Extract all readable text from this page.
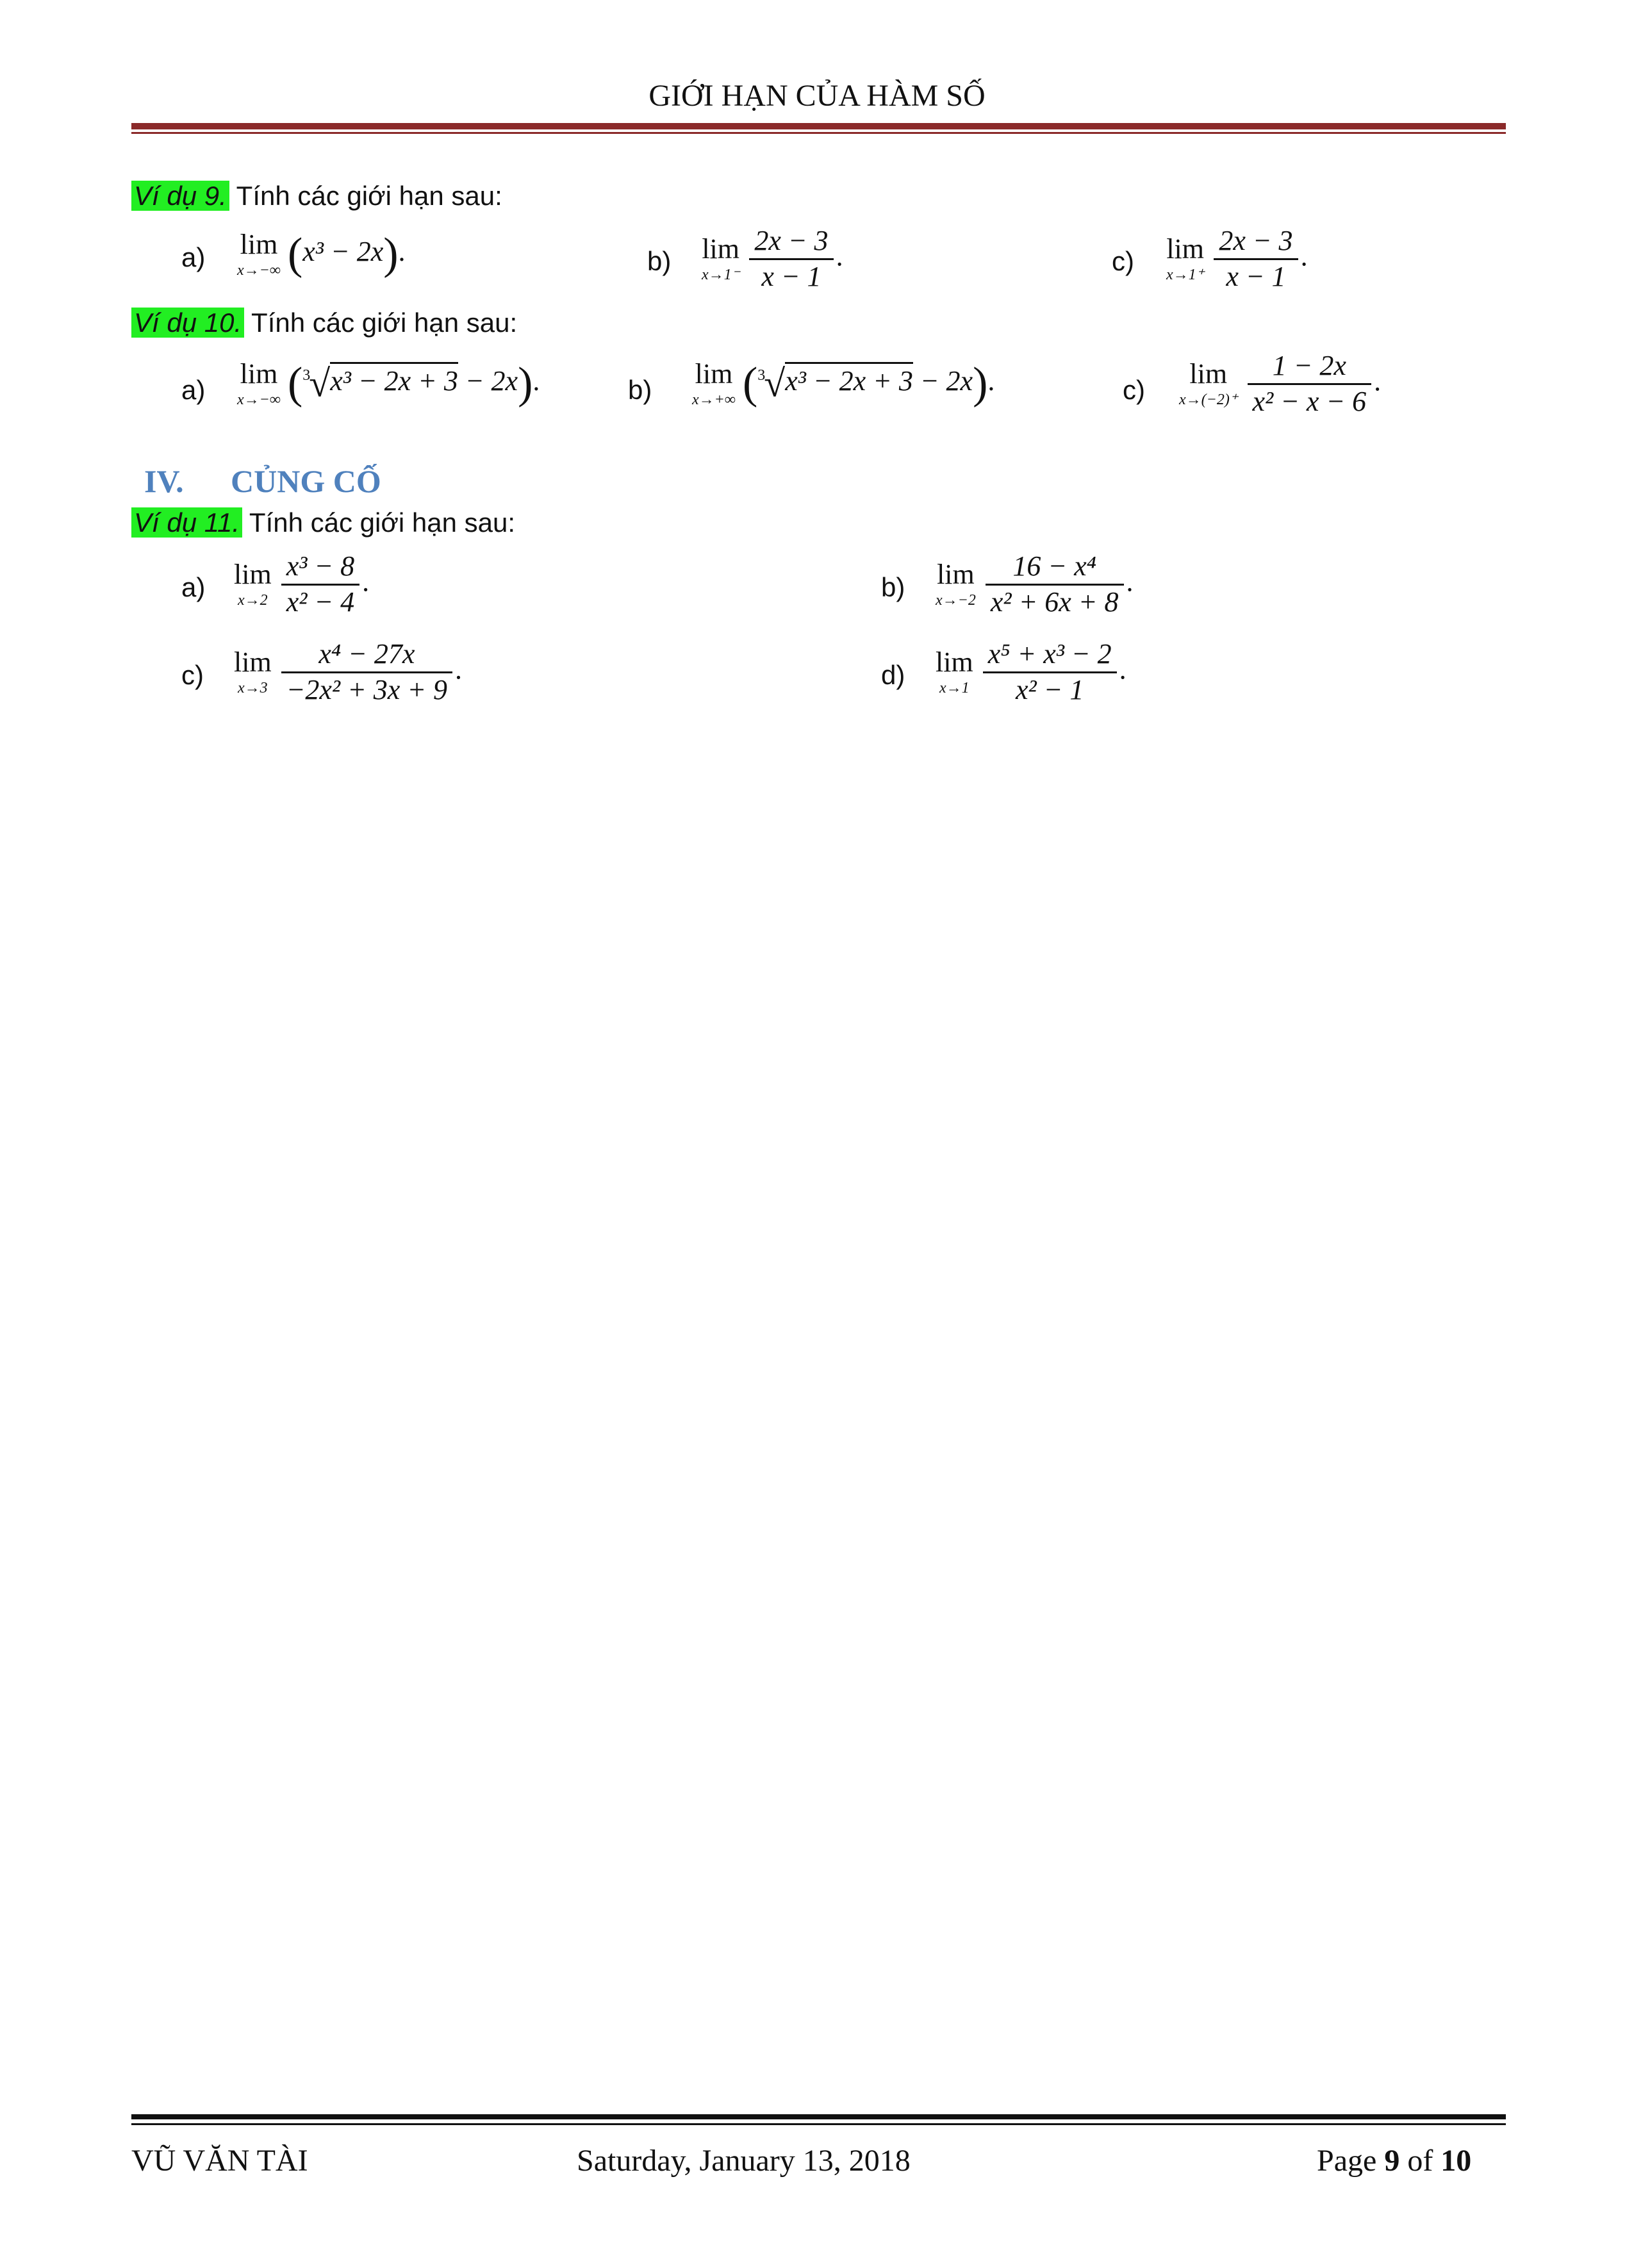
GIỚI HẠN CỦA HÀM SỐ
Ví dụ 9. Tính các giới hạn sau:
a) lim
x→−∞ (x³ − 2x).	b) lim
x→1⁻
$\frac{2x - 3}{x - 1}$ .	c) lim
x→1⁺
$\frac{2x - 3}{x - 1}$ .
Ví dụ 10. Tính các giới hạn sau:
a)
lim
x→−∞ ($^3$√x³ − 2x + 3 − 2x).	b)
lim
x→+∞ ($^3$√x³ − 2x + 3 − 2x).	c)
lim
x→(−2)⁺
$\frac{1 - 2x}{\text{x² − x − 6}}$ .
IV. CỦNG CỐ
Ví dụ 11. Tính các giới hạn sau:
a) lim
x→2
$\frac{\text{x³ − 8}}{\text{x² − 4}}$ .	b) lim
x→−2
$\frac{\text{16 − x⁴}}{\text{x² + 6x + 8}}$ .
c) lim
x→3
$\frac{\text{x⁴ − 27x}}{\text{−2x² + 3x + 9}}$ .	d) lim
x→1
$\frac{\text{x⁵ + x³ − 2}}{\text{x² − 1}}$ .
VŨ VĂN TÀI	Saturday, January 13, 2018	Page 9 of 10
